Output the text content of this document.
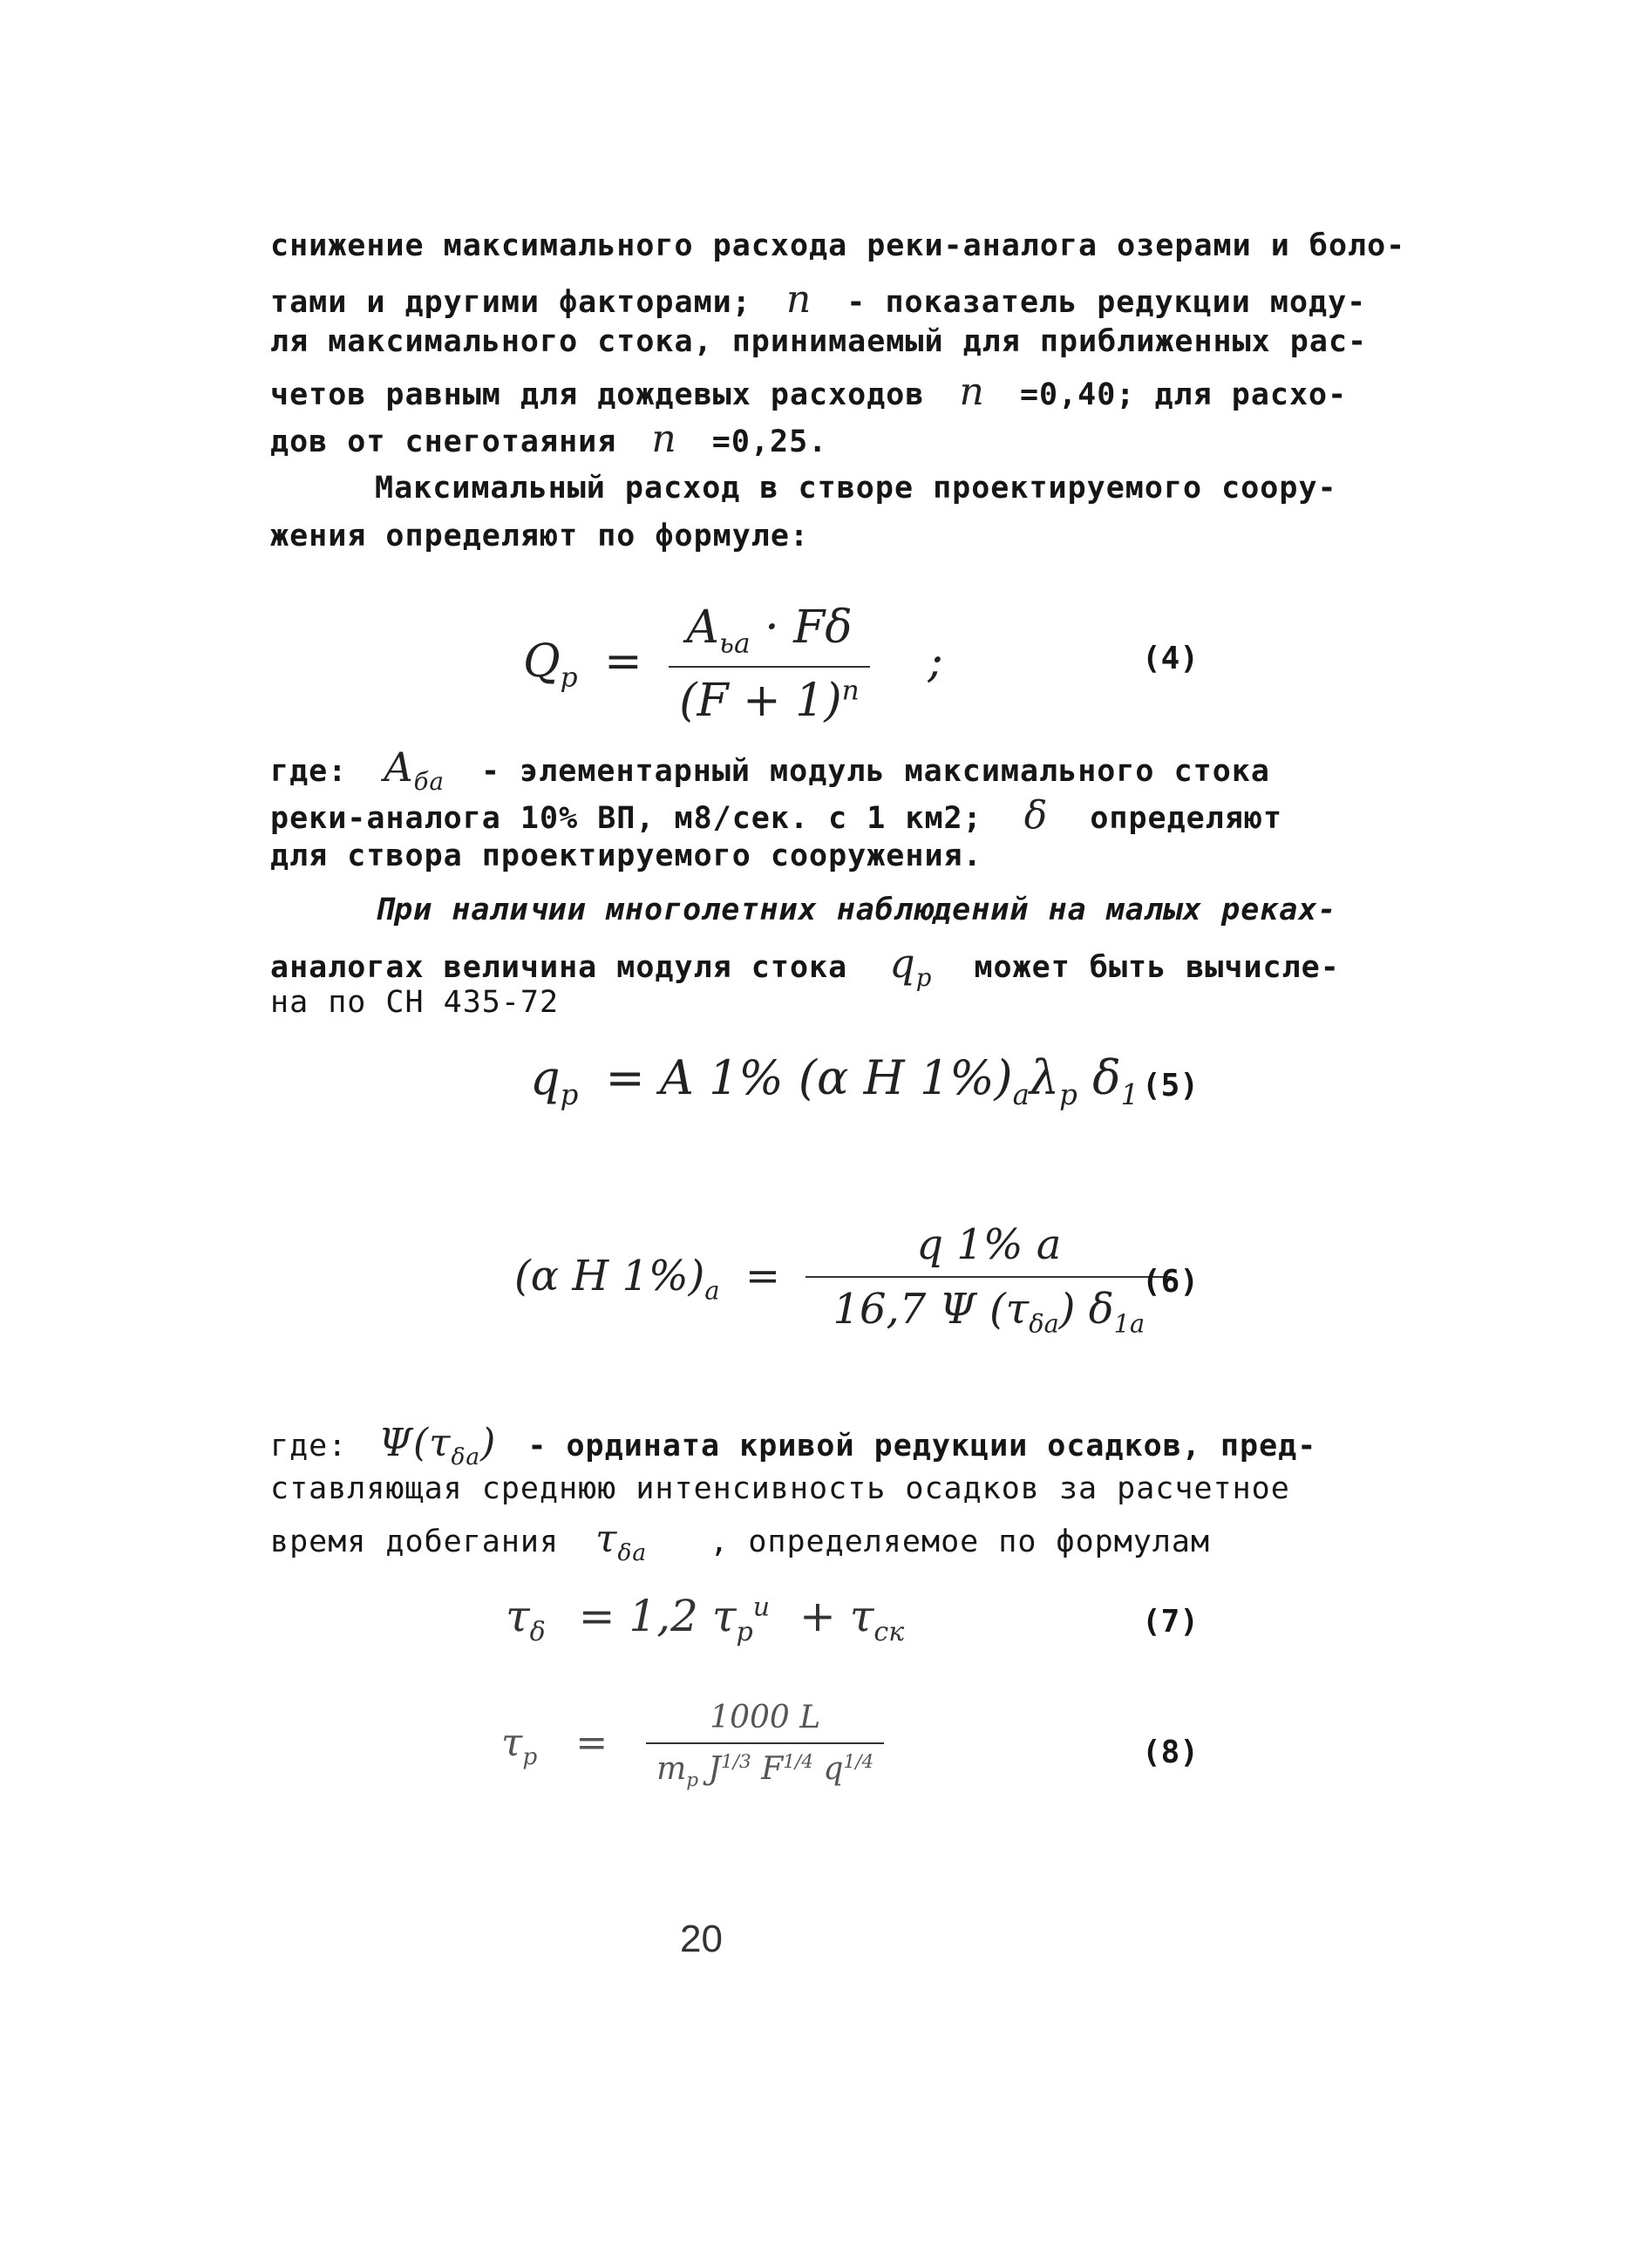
снижение максимального расхода реки-аналога озерами и боло-
тами и другими факторами; n - показатель редукции моду-
ля максимального стока, принимаемый для приближенных рас-
четов равным для дождевых расходов n =0,40; для расхо-
дов от снеготаяния n =0,25.
Максимальный расход в створе проектируемого соору-
жения определяют по формуле:
$Q_p = \frac{A_{ьа} \cdot F\delta}{(F + 1)^n}$ ;	(4)
где: $A_{ба}$ - элементарный модуль максимального стока
реки-аналога 10% ВП, м8/сек. с 1 км2; δ определяют
для створа проектируемого сооружения.
При наличии многолетних наблюдений на малых реках-
аналогах величина модуля стока $q_p$ может быть вычисле-
на по СН 435-72
$q_p = A$ 1% (α H $1\%)_a\lambda_p$ $\delta_1$ (5)
(α H $1\%)_a = \frac{q 1\% a}{16,7 \Psi (\tau_{\delta a}) \delta_{1a}}$
(6)
где: $\Psi(\tau_{\delta a})$ - ордината кривой редукции осадков, пред-
ставляющая среднюю интенсивность осадков за расчетное
время добегания $\tau_{\delta a}$ , определяемое по формулам
$\tau_\delta = 1,2$ $\tau_p^u + \tau_{ск}$	(7)
$\tau_p = \frac{1000 L}{m_p J^{1/3} F^{1/4} q^{1/4}}$	(8)
20
